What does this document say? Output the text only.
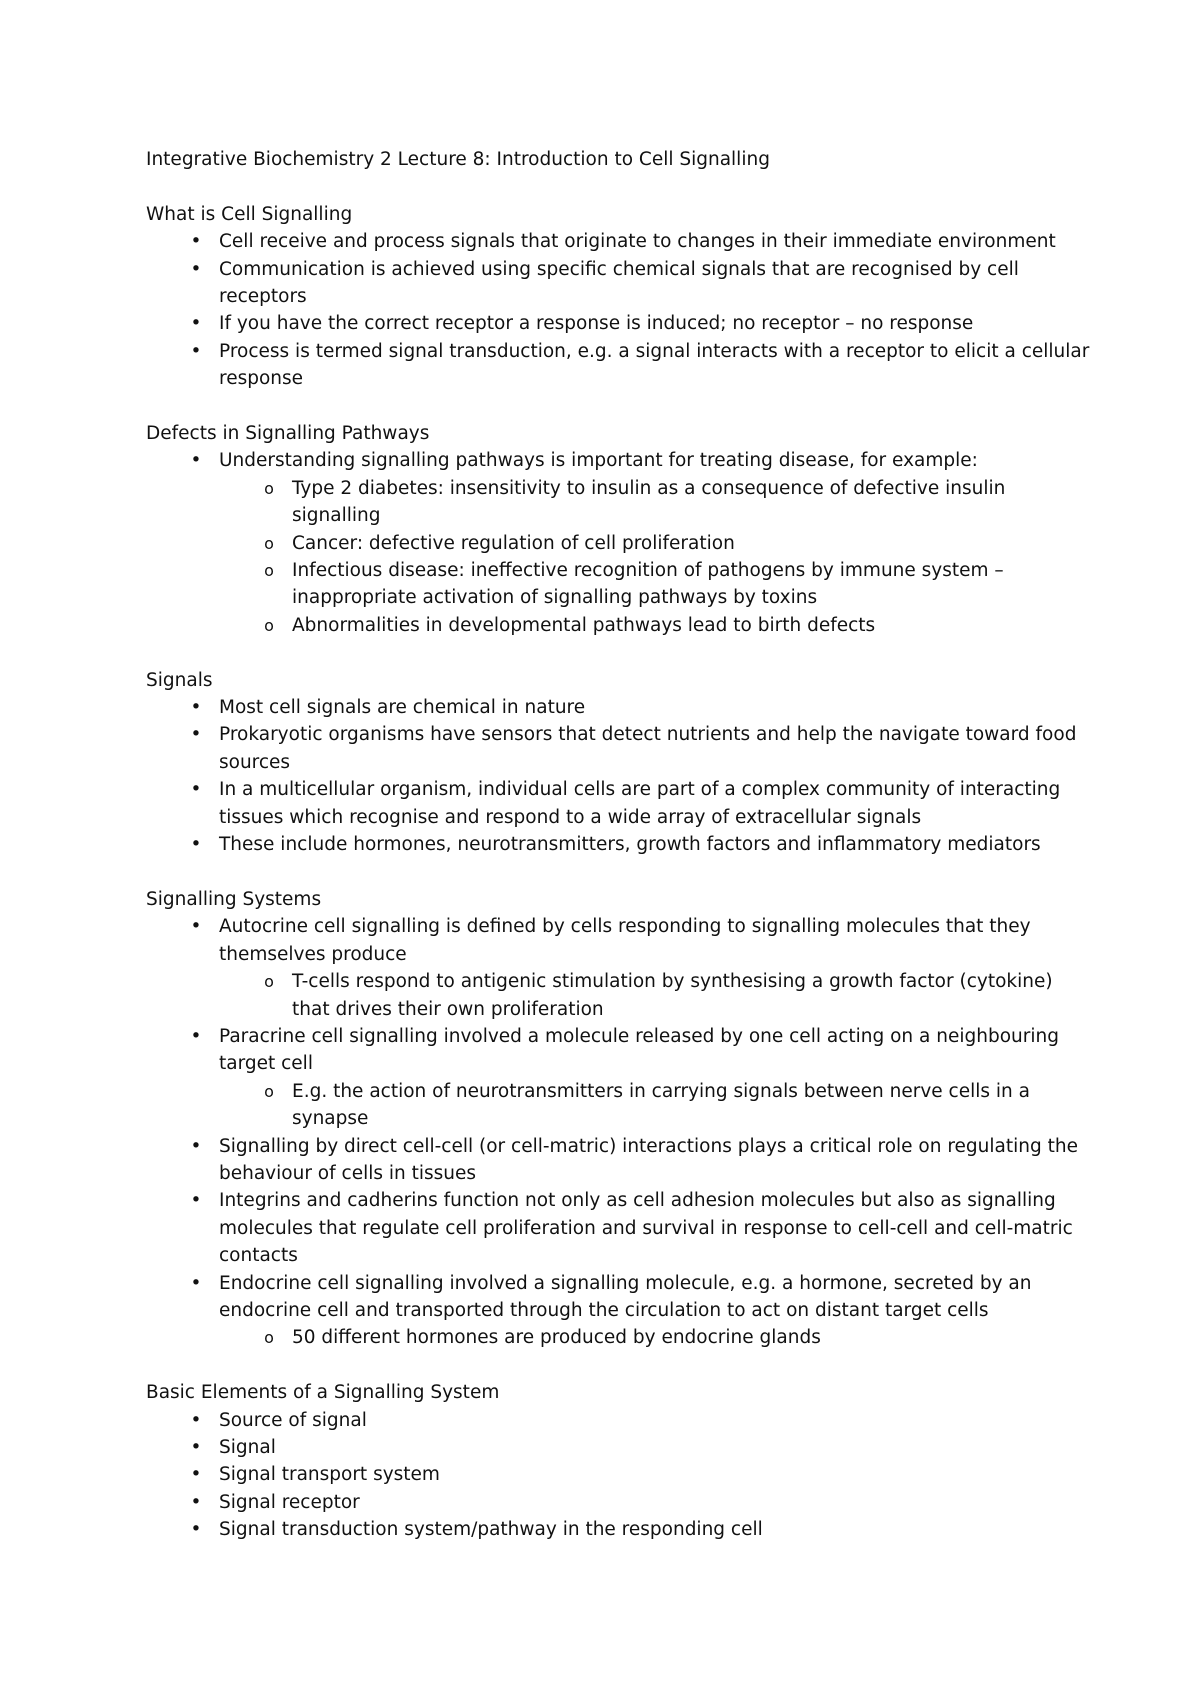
Integrative Biochemistry 2 Lecture 8: Introduction to Cell Signalling

What is Cell Signalling

• Cell receive and process signals that originate to changes in their immediate environment
• Communication is achieved using specific chemical signals that are recognised by cell receptors
• If you have the correct receptor a response is induced; no receptor – no response
• Process is termed signal transduction, e.g. a signal interacts with a receptor to elicit a cellular response

Defects in Signalling Pathways

• Understanding signalling pathways is important for treating disease, for example:
o Type 2 diabetes: insensitivity to insulin as a consequence of defective insulin signalling
o Cancer: defective regulation of cell proliferation
o Infectious disease: ineffective recognition of pathogens by immune system – inappropriate activation of signalling pathways by toxins
o Abnormalities in developmental pathways lead to birth defects

Signals

• Most cell signals are chemical in nature
• Prokaryotic organisms have sensors that detect nutrients and help the navigate toward food sources
• In a multicellular organism, individual cells are part of a complex community of interacting tissues which recognise and respond to a wide array of extracellular signals
• These include hormones, neurotransmitters, growth factors and inflammatory mediators

Signalling Systems

• Autocrine cell signalling is defined by cells responding to signalling molecules that they themselves produce
o T-cells respond to antigenic stimulation by synthesising a growth factor (cytokine) that drives their own proliferation
• Paracrine cell signalling involved a molecule released by one cell acting on a neighbouring target cell
o E.g. the action of neurotransmitters in carrying signals between nerve cells in a synapse
• Signalling by direct cell-cell (or cell-matric) interactions plays a critical role on regulating the behaviour of cells in tissues
• Integrins and cadherins function not only as cell adhesion molecules but also as signalling molecules that regulate cell proliferation and survival in response to cell-cell and cell-matric contacts
• Endocrine cell signalling involved a signalling molecule, e.g. a hormone, secreted by an endocrine cell and transported through the circulation to act on distant target cells
o 50 different hormones are produced by endocrine glands

Basic Elements of a Signalling System

• Source of signal
• Signal
• Signal transport system
• Signal receptor
• Signal transduction system/pathway in the responding cell
